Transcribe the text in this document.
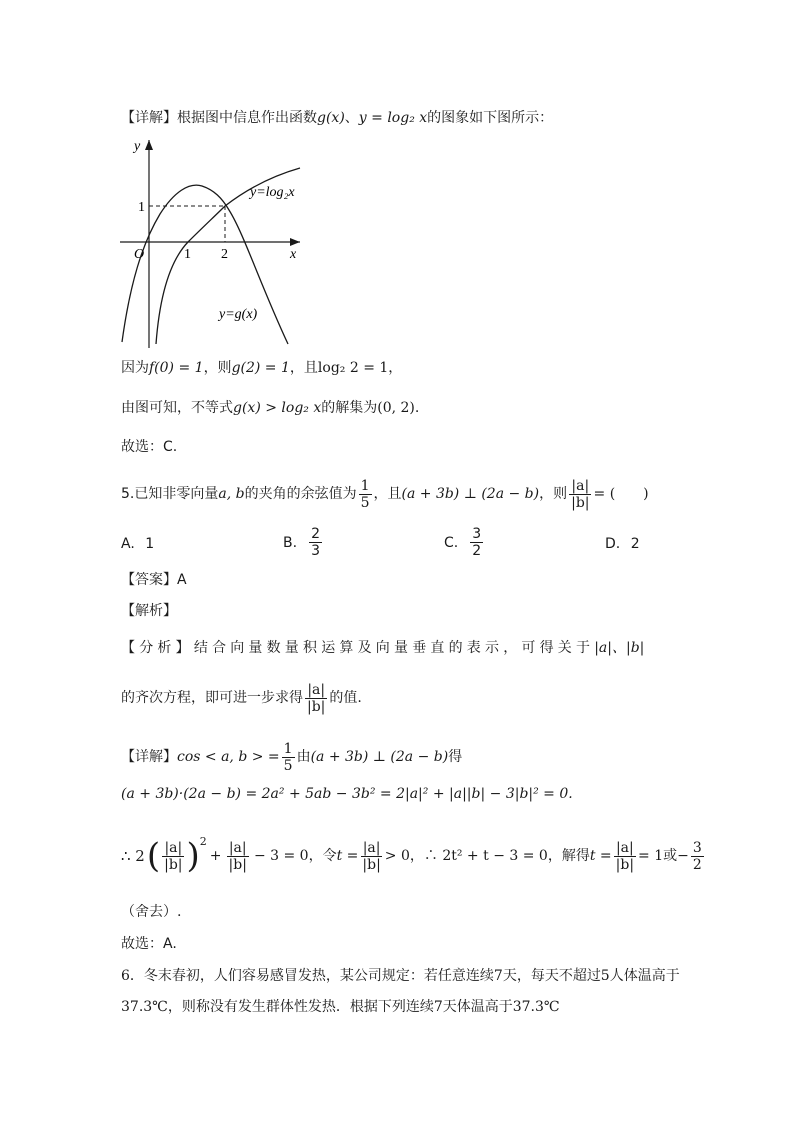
【详解】根据图中信息作出函数g(x)、y = log₂ x的图象如下图所示：
y
x
O	1 2
1
y=log₂x
y=g(x)
因为f(0) = 1，则g(2) = 1，且log₂ 2 = 1，
由图可知，不等式g(x) > log₂ x的解集为(0, 2).
故选：C.
5. 已知非零向量 a, b 的夹角的余弦值为 $\frac{1}{5}$ ，且 (a + 3b) ⊥ (2a − b) ，则 $\frac{|a|}{|b|}$ = (　　)
A. 1	B. $\frac{2}{3}$	C. $\frac{3}{2}$	D. 2
【答案】A
【解析】
【分析】结合向量数量积运算及向量垂直的表示，可得关于|a|、|b|
的齐次方程，即可进一步求得 $\frac{|a|}{|b|}$ 的值.
【详解】 cos < a, b > = $\frac{1}{5}$ 由 (a + 3b) ⊥ (2a − b) 得
(a + 3b)·(2a − b) = 2a² + 5ab − 3b² = 2|a|² + |a||b| − 3|b|² = 0.
∴ 2 ( $\frac{|a|}{|b|}$ ) 2
+ $\frac{|a|}{|b|} - 3 = 0$ ，令 $t = \frac{|a|}{|b|} > 0$ ，∴ 2t² + t − 3 = 0 ，解得 $t = \frac{|a|}{|b|} = 1$ 或 − $\frac{3}{2}$
（舍去）.
故选：A.
6．冬末春初，人们容易感冒发热，某公司规定：若任意连续7天，每天不超过5人体温高于
37.3℃，则称没有发生群体性发热．根据下列连续7天体温高于37.3℃
